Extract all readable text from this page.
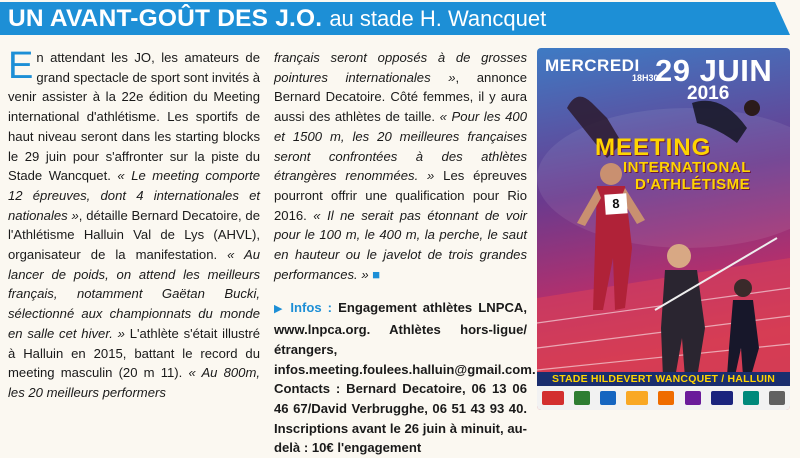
UN AVANT-GOÛT DES J.O. au stade H. Wancquet

En attendant les JO, les amateurs de grand spectacle de sport sont invités à venir assister à la 22e édition du Meeting international d'athlétisme. Les sportifs de haut niveau seront dans les starting blocks le 29 juin pour s'affronter sur la piste du Stade Wancquet. « Le meeting comporte 12 épreuves, dont 4 internationales et nationales », détaille Bernard Decatoire, de l'Athlétisme Halluin Val de Lys (AHVL), organisateur de la manifestation. « Au lancer de poids, on attend les meilleurs français, notamment Gaëtan Bucki, sélectionné aux championnats du monde en salle cet hiver. » L'athlète s'était illustré à Halluin en 2015, battant le record du meeting masculin (20 m 11). « Au 800m, les 20 meilleurs performers

français seront opposés à de grosses pointures internationales », annonce Bernard Decatoire. Côté femmes, il y aura aussi des athlètes de taille. « Pour les 400 et 1500 m, les 20 meilleures françaises seront confrontées à des athlètes étrangères renommées. » Les épreuves pourront offrir une qualification pour Rio 2016. « Il ne serait pas étonnant de voir pour le 100 m, le 400 m, la perche, le saut en hauteur ou le javelot de trois grandes performances. » ■

▶ Infos : Engagement athlètes LNPCA, www.lnpca.org. Athlètes hors-ligue/étrangers, infos.meeting.foulees.halluin@gmail.com. Contacts : Bernard Decatoire, 06 13 06 46 67/David Verbrugghe, 06 51 43 93 40. Inscriptions avant le 26 juin à minuit, au-delà : 10€ l'engagement

MERCREDI 29 JUIN
18H30
2016
MEETING
INTERNATIONAL
D'ATHLÉTISME
8
STADE HILDEVERT WANCQUET / HALLUIN
